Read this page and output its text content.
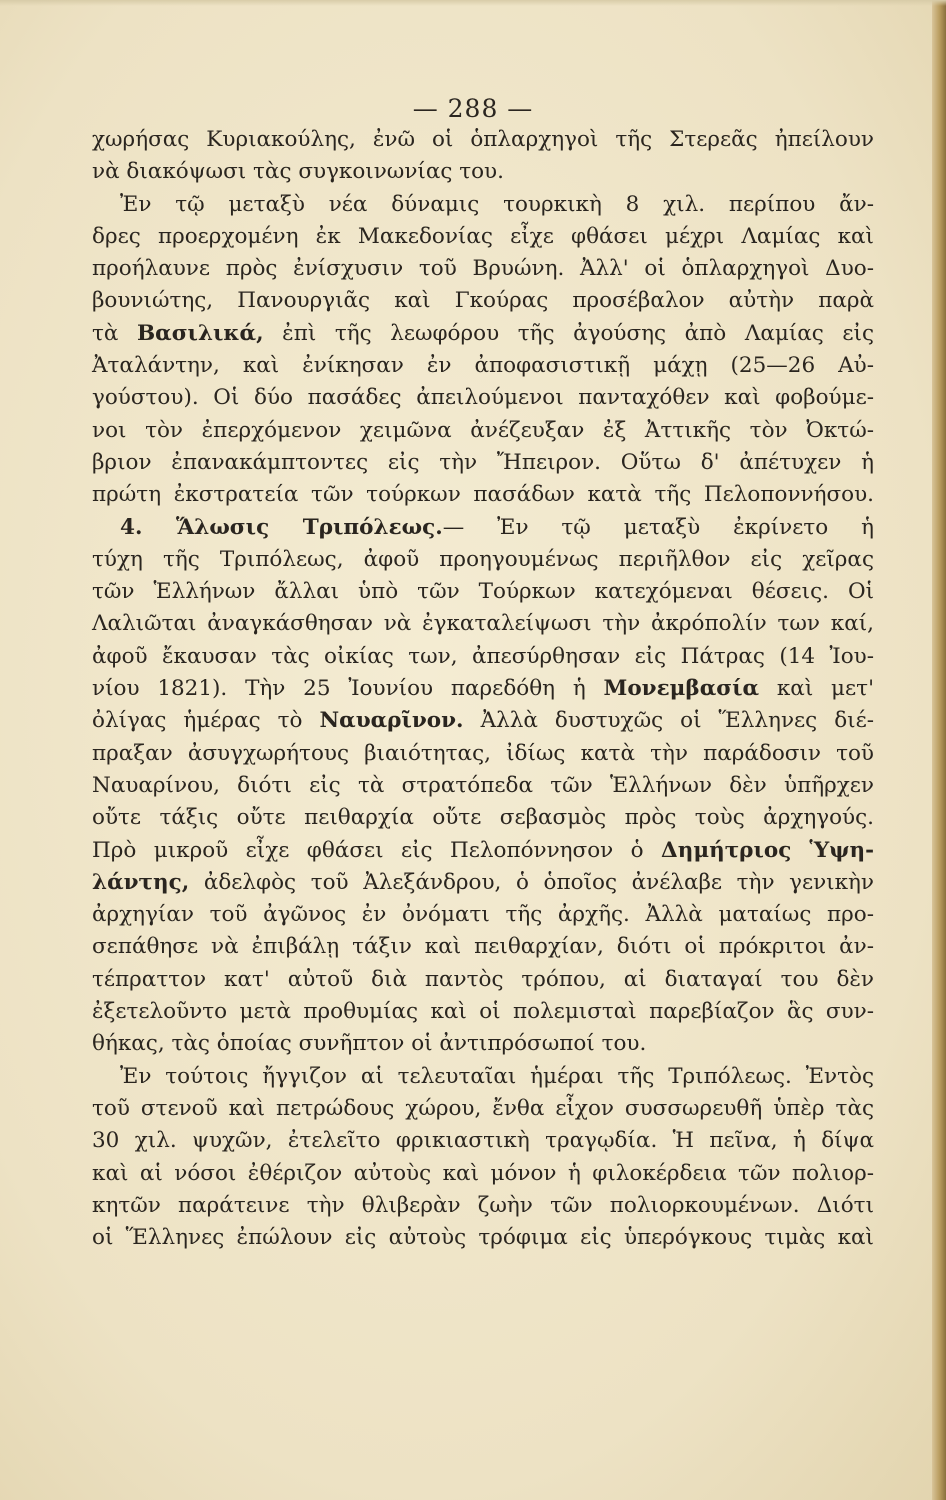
— 288 —
χωρήσας Κυριακούλης, ἐνῶ οἱ ὁπλαρχηγοὶ τῆς Στερεᾶς ἠπείλουν
νὰ διακόψωσι τὰς συγκοινωνίας του.
Ἐν τῷ μεταξὺ νέα δύναμις τουρκικὴ 8 χιλ. περίπου ἄν-
δρες προερχομένη ἐκ Μακεδονίας εἶχε φθάσει μέχρι Λαμίας καὶ
προήλαυνε πρὸς ἐνίσχυσιν τοῦ Βρυώνη. Ἀλλ' οἱ ὁπλαρχηγοὶ Δυο-
βουνιώτης, Πανουργιᾶς καὶ Γκούρας προσέβαλον αὐτὴν παρὰ
τὰ Βασιλικά, ἐπὶ τῆς λεωφόρου τῆς ἀγούσης ἀπὸ Λαμίας εἰς
Ἀταλάντην, καὶ ἐνίκησαν ἐν ἀποφασιστικῇ μάχῃ (25—26 Αὐ-
γούστου). Οἱ δύο πασάδες ἀπειλούμενοι πανταχόθεν καὶ φοβούμε-
νοι τὸν ἐπερχόμενον χειμῶνα ἀνέζευξαν ἐξ Ἀττικῆς τὸν Ὀκτώ-
βριον ἐπανακάμπτοντες εἰς τὴν Ἤπειρον. Οὕτω δ' ἀπέτυχεν ἡ
πρώτη ἐκστρατεία τῶν τούρκων πασάδων κατὰ τῆς Πελοποννήσου.
4. Ἅλωσις Τριπόλεως.— Ἐν τῷ μεταξὺ ἐκρίνετο ἡ
τύχη τῆς Τριπόλεως, ἀφοῦ προηγουμένως περιῆλθον εἰς χεῖρας
τῶν Ἑλλήνων ἄλλαι ὑπὸ τῶν Τούρκων κατεχόμεναι θέσεις. Οἱ
Λαλιῶται ἀναγκάσθησαν νὰ ἐγκαταλείψωσι τὴν ἀκρόπολίν των καί,
ἀφοῦ ἔκαυσαν τὰς οἰκίας των, ἀπεσύρθησαν εἰς Πάτρας (14 Ἰου-
νίου 1821). Τὴν 25 Ἰουνίου παρεδόθη ἡ Μονεμβασία καὶ μετ'
ὀλίγας ἡμέρας τὸ Ναυαρῖνον. Ἀλλὰ δυστυχῶς οἱ Ἕλληνες διέ-
πραξαν ἀσυγχωρήτους βιαιότητας, ἰδίως κατὰ τὴν παράδοσιν τοῦ
Ναυαρίνου, διότι εἰς τὰ στρατόπεδα τῶν Ἑλλήνων δὲν ὑπῆρχεν
οὔτε τάξις οὔτε πειθαρχία οὔτε σεβασμὸς πρὸς τοὺς ἀρχηγούς.
Πρὸ μικροῦ εἶχε φθάσει εἰς Πελοπόννησον ὁ Δημήτριος Ὑψη-
λάντης, ἀδελφὸς τοῦ Ἀλεξάνδρου, ὁ ὁποῖος ἀνέλαβε τὴν γενικὴν
ἀρχηγίαν τοῦ ἀγῶνος ἐν ὀνόματι τῆς ἀρχῆς. Ἀλλὰ ματαίως προ-
σεπάθησε νὰ ἐπιβάλῃ τάξιν καὶ πειθαρχίαν, διότι οἱ πρόκριτοι ἀν-
τέπραττον κατ' αὐτοῦ διὰ παντὸς τρόπου, αἱ διαταγαί του δὲν
ἐξετελοῦντο μετὰ προθυμίας καὶ οἱ πολεμισταὶ παρεβίαζον ἃς συν-
θήκας, τὰς ὁποίας συνῆπτον οἱ ἀντιπρόσωποί του.
Ἐν τούτοις ἤγγιζον αἱ τελευταῖαι ἡμέραι τῆς Τριπόλεως. Ἐντὸς
τοῦ στενοῦ καὶ πετρώδους χώρου, ἔνθα εἶχον συσσωρευθῆ ὑπὲρ τὰς
30 χιλ. ψυχῶν, ἐτελεῖτο φρικιαστικὴ τραγῳδία. Ἡ πεῖνα, ἡ δίψα
καὶ αἱ νόσοι ἐθέριζον αὐτοὺς καὶ μόνον ἡ φιλοκέρδεια τῶν πολιορ-
κητῶν παράτεινε τὴν θλιβερὰν ζωὴν τῶν πολιορκουμένων. Διότι
οἱ Ἕλληνες ἐπώλουν εἰς αὐτοὺς τρόφιμα εἰς ὑπερόγκους τιμὰς καὶ
